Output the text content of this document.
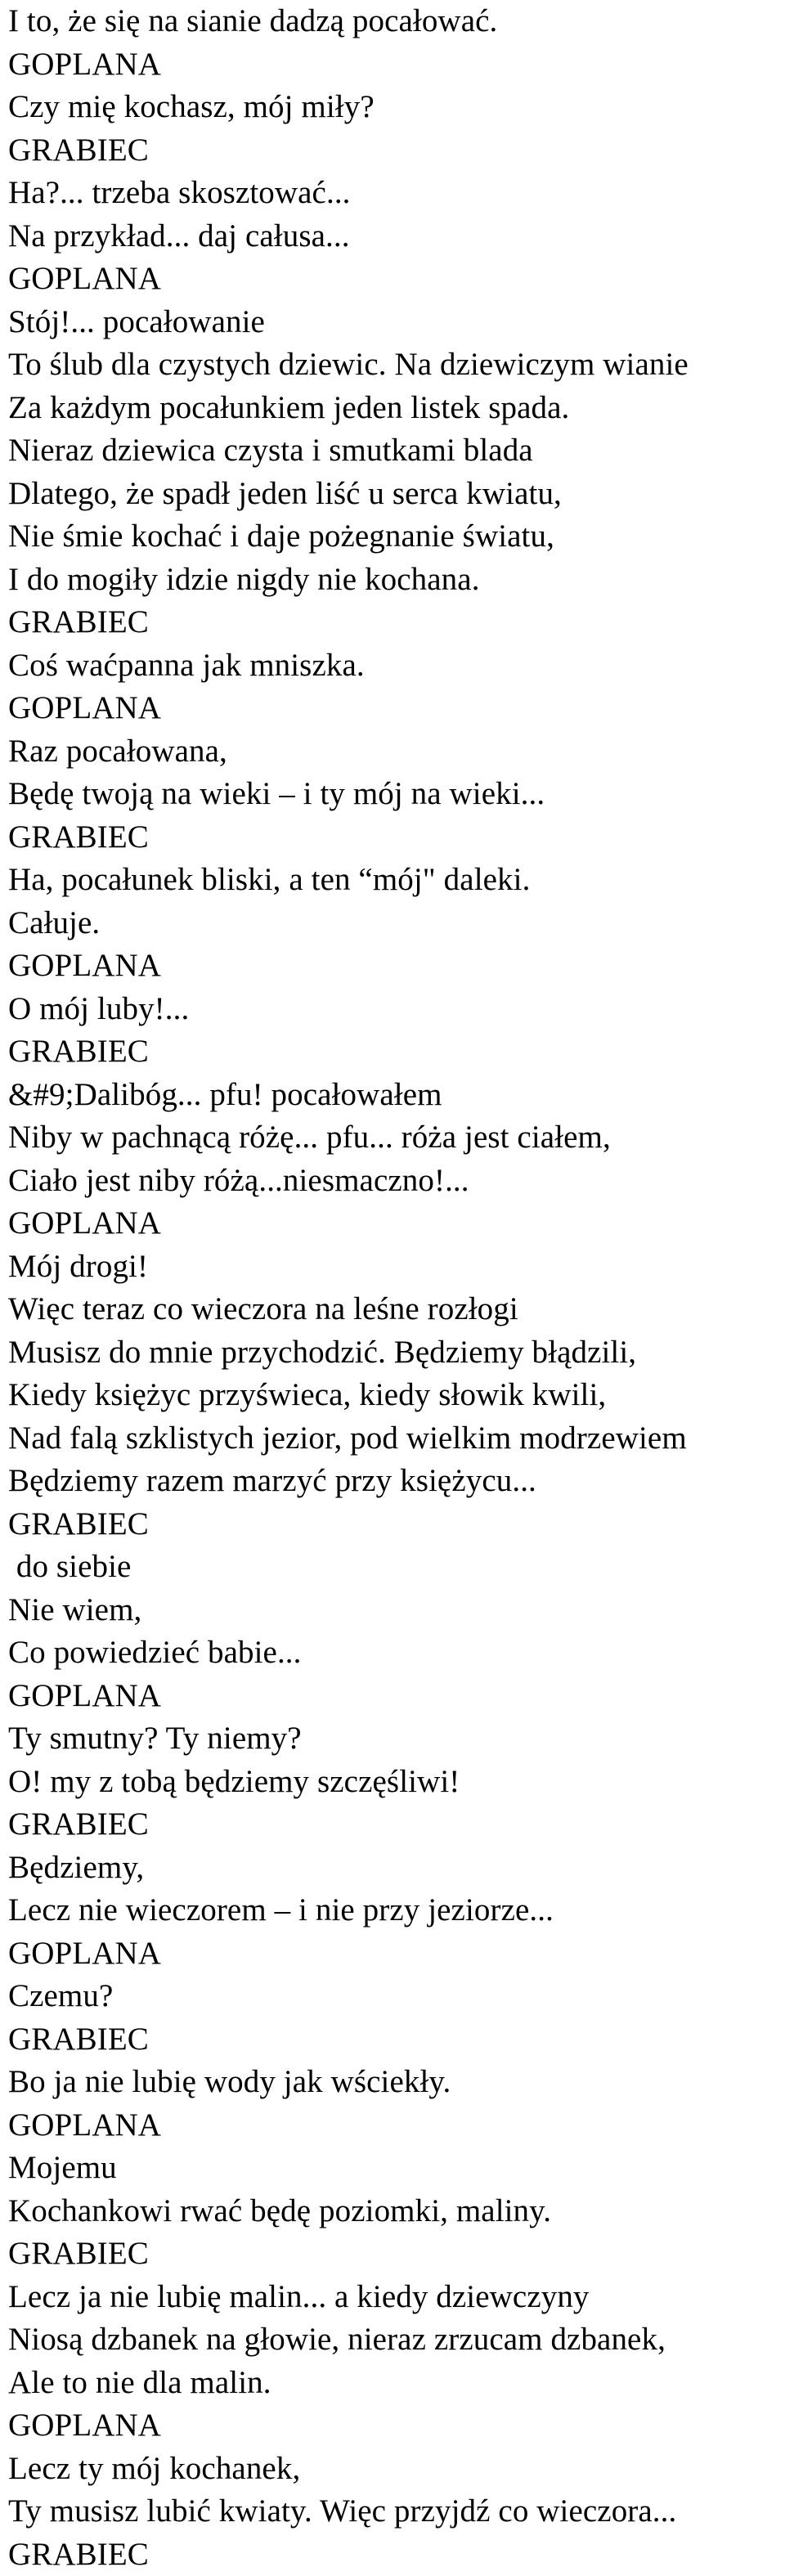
I to, że się na sianie dadzą pocałować.
GOPLANA
Czy mię kochasz, mój miły?
GRABIEC
Ha?... trzeba skosztować...
Na przykład... daj całusa...
GOPLANA
Stój!... pocałowanie
To ślub dla czystych dziewic. Na dziewiczym wianie
Za każdym pocałunkiem jeden listek spada.
Nieraz dziewica czysta i smutkami blada
Dlatego, że spadł jeden liść u serca kwiatu,
Nie śmie kochać i daje pożegnanie światu,
I do mogiły idzie nigdy nie kochana.
GRABIEC
Coś waćpanna jak mniszka.
GOPLANA
Raz pocałowana,
Będę twoją na wieki – i ty mój na wieki...
GRABIEC
Ha, pocałunek bliski, a ten “mój" daleki.
Całuje.
GOPLANA
O mój luby!...
GRABIEC
&#9;Dalibóg... pfu! pocałowałem
Niby w pachnącą różę... pfu... róża jest ciałem,
Ciało jest niby różą...niesmaczno!...
GOPLANA
Mój drogi!
Więc teraz co wieczora na leśne rozłogi
Musisz do mnie przychodzić. Będziemy błądzili,
Kiedy księżyc przyświeca, kiedy słowik kwili,
Nad falą szklistych jezior, pod wielkim modrzewiem
Będziemy razem marzyć przy księżycu...
GRABIEC
do siebie
Nie wiem,
Co powiedzieć babie...
GOPLANA
Ty smutny? Ty niemy?
O! my z tobą będziemy szczęśliwi!
GRABIEC
Będziemy,
Lecz nie wieczorem – i nie przy jeziorze...
GOPLANA
Czemu?
GRABIEC
Bo ja nie lubię wody jak wściekły.
GOPLANA
Mojemu
Kochankowi rwać będę poziomki, maliny.
GRABIEC
Lecz ja nie lubię malin... a kiedy dziewczyny
Niosą dzbanek na głowie, nieraz zrzucam dzbanek,
Ale to nie dla malin.
GOPLANA
Lecz ty mój kochanek,
Ty musisz lubić kwiaty. Więc przyjdź co wieczora...
GRABIEC
